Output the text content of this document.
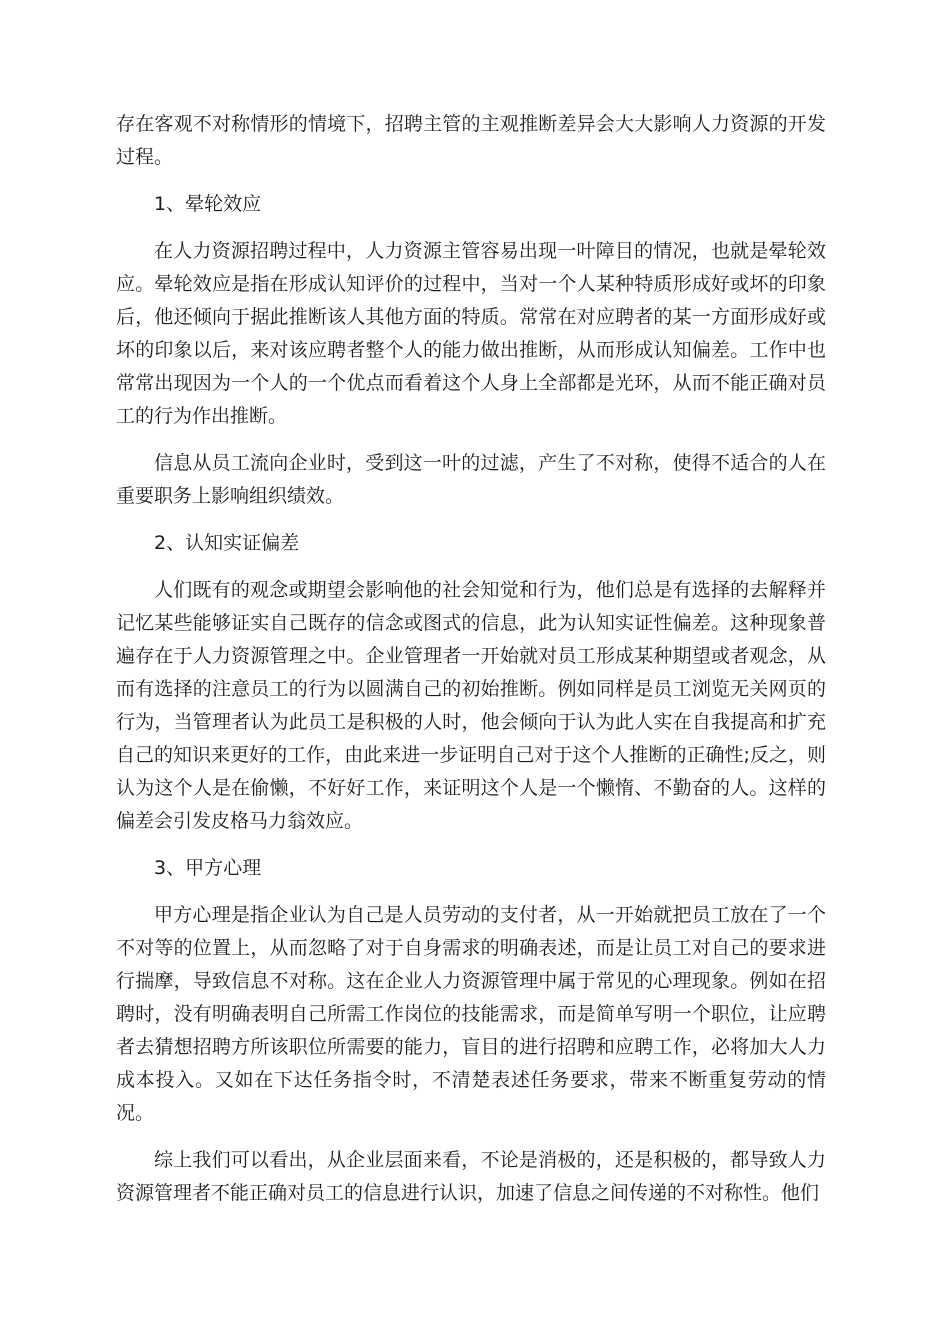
存在客观不对称情形的情境下，招聘主管的主观推断差异会大大影响人力资源的开发过程。

1、晕轮效应

在人力资源招聘过程中，人力资源主管容易出现一叶障目的情况，也就是晕轮效应。晕轮效应是指在形成认知评价的过程中，当对一个人某种特质形成好或坏的印象后，他还倾向于据此推断该人其他方面的特质。常常在对应聘者的某一方面形成好或坏的印象以后，来对该应聘者整个人的能力做出推断，从而形成认知偏差。工作中也常常出现因为一个人的一个优点而看着这个人身上全部都是光环，从而不能正确对员工的行为作出推断。

信息从员工流向企业时，受到这一叶的过滤，产生了不对称，使得不适合的人在重要职务上影响组织绩效。

2、认知实证偏差

人们既有的观念或期望会影响他的社会知觉和行为，他们总是有选择的去解释并记忆某些能够证实自己既存的信念或图式的信息，此为认知实证性偏差。这种现象普遍存在于人力资源管理之中。企业管理者一开始就对员工形成某种期望或者观念，从而有选择的注意员工的行为以圆满自己的初始推断。例如同样是员工浏览无关网页的行为，当管理者认为此员工是积极的人时，他会倾向于认为此人实在自我提高和扩充自己的知识来更好的工作，由此来进一步证明自己对于这个人推断的正确性;反之，则认为这个人是在偷懒，不好好工作，来证明这个人是一个懒惰、不勤奋的人。这样的偏差会引发皮格马力翁效应。

3、甲方心理

甲方心理是指企业认为自己是人员劳动的支付者，从一开始就把员工放在了一个不对等的位置上，从而忽略了对于自身需求的明确表述，而是让员工对自己的要求进行揣摩，导致信息不对称。这在企业人力资源管理中属于常见的心理现象。例如在招聘时，没有明确表明自己所需工作岗位的技能需求，而是简单写明一个职位，让应聘者去猜想招聘方所该职位所需要的能力，盲目的进行招聘和应聘工作，必将加大人力成本投入。又如在下达任务指令时，不清楚表述任务要求，带来不断重复劳动的情况。

综上我们可以看出，从企业层面来看，不论是消极的，还是积极的，都导致人力资源管理者不能正确对员工的信息进行认识，加速了信息之间传递的不对称性。他们
